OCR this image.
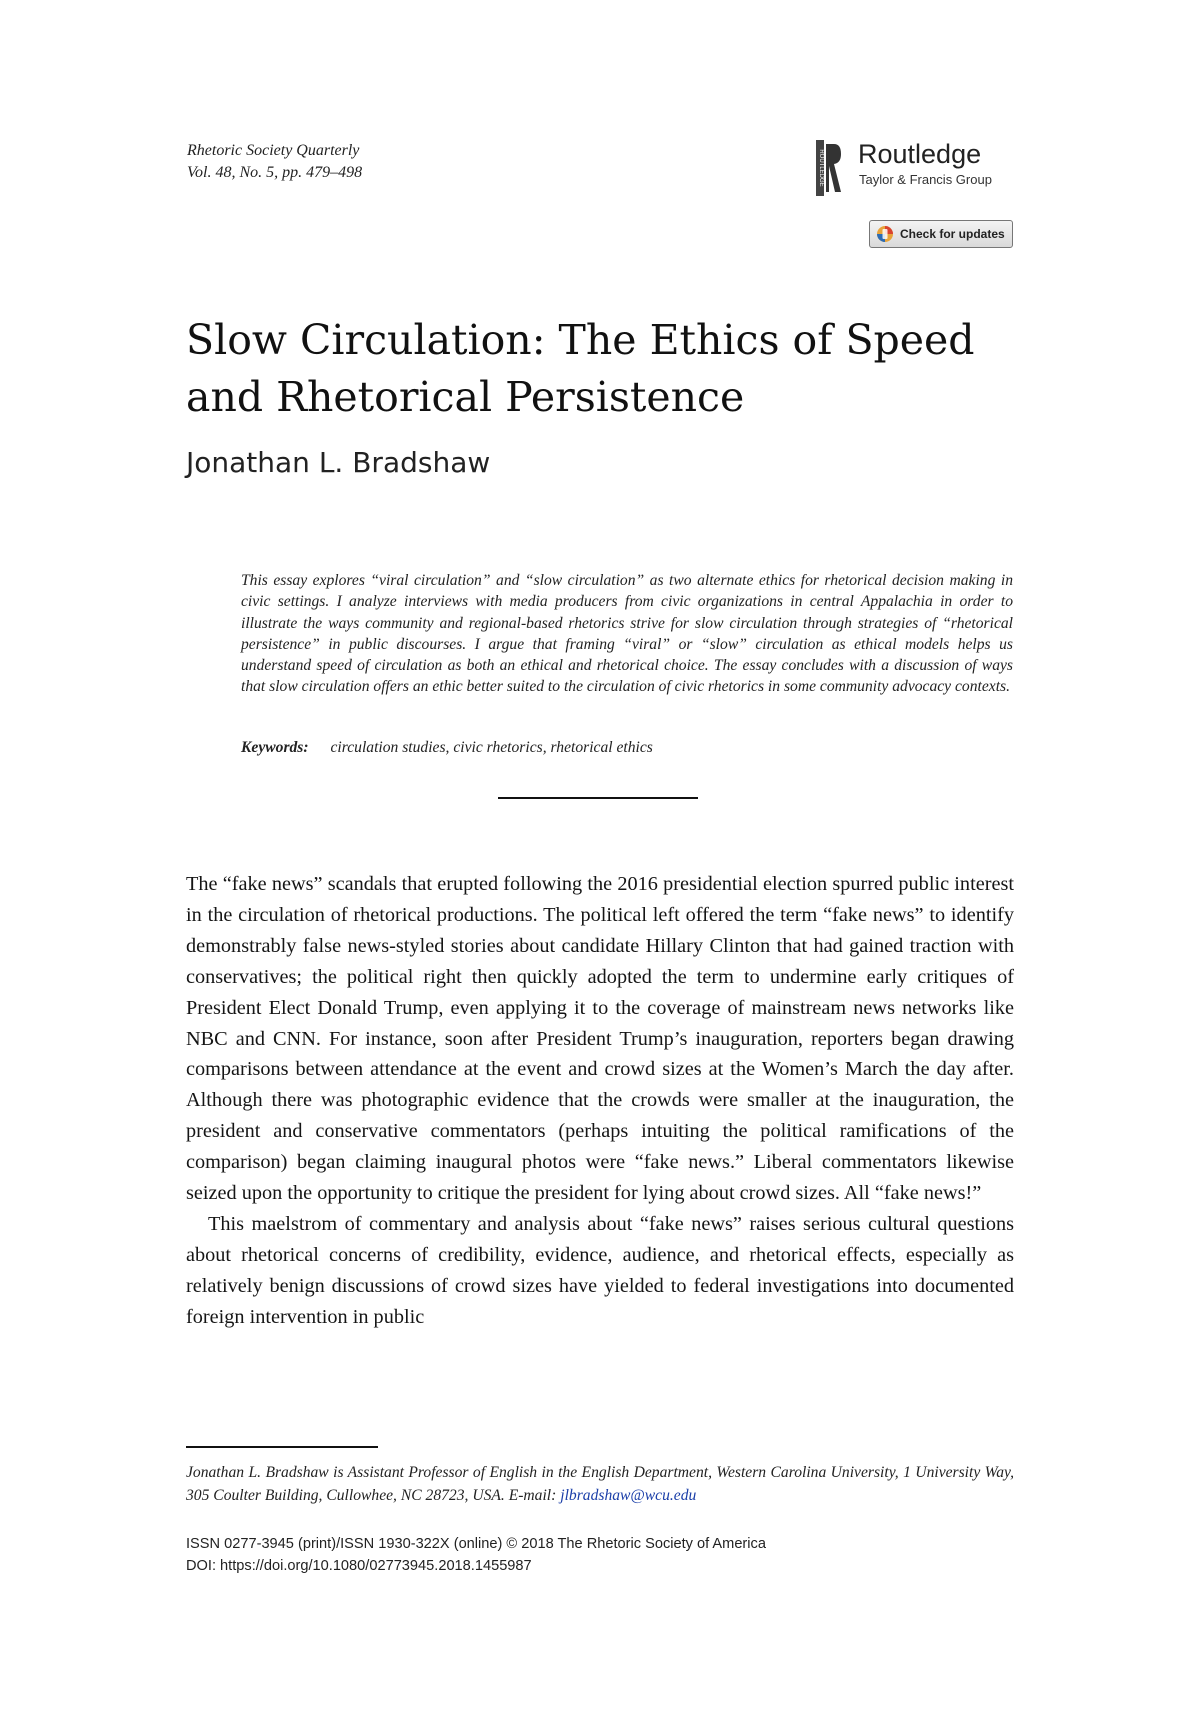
Rhetoric Society Quarterly
Vol. 48, No. 5, pp. 479–498	ROUTLEDGE Routledge
Taylor & Francis Group
Check for updates
Slow Circulation: The Ethics of Speed
and Rhetorical Persistence
Jonathan L. Bradshaw
This essay explores “viral circulation” and “slow circulation” as two alternate ethics for rhetorical decision making in civic settings. I analyze interviews with media producers from civic organizations in central Appalachia in order to illustrate the ways community and regional-based rhetorics strive for slow circulation through strategies of “rhetorical persistence” in public discourses. I argue that framing “viral” or “slow” circulation as ethical models helps us understand speed of circulation as both an ethical and rhetorical choice. The essay concludes with a discussion of ways that slow circulation offers an ethic better suited to the circulation of civic rhetorics in some community advocacy contexts.
Keywords: circulation studies, civic rhetorics, rhetorical ethics

The “fake news” scandals that erupted following the 2016 presidential election spurred public interest in the circulation of rhetorical productions. The political left offered the term “fake news” to identify demonstrably false news-styled stories about candidate Hillary Clinton that had gained traction with conservatives; the political right then quickly adopted the term to undermine early critiques of President Elect Donald Trump, even applying it to the coverage of mainstream news networks like NBC and CNN. For instance, soon after President Trump’s inauguration, reporters began drawing comparisons between attendance at the event and crowd sizes at the Women’s March the day after. Although there was photographic evidence that the crowds were smaller at the inauguration, the president and conservative commentators (perhaps intuiting the political ramifications of the comparison) began claiming inaugural photos were “fake news.” Liberal commentators likewise seized upon the opportunity to critique the president for lying about crowd sizes. All “fake news!”

This maelstrom of commentary and analysis about “fake news” raises serious cultural questions about rhetorical concerns of credibility, evidence, audience, and rhetorical effects, especially as relatively benign discussions of crowd sizes have yielded to federal investigations into documented foreign intervention in public

Jonathan L. Bradshaw is Assistant Professor of English in the English Department, Western Carolina University, 1 University Way, 305 Coulter Building, Cullowhee, NC 28723, USA. E-mail: jlbradshaw@wcu.edu
ISSN 0277-3945 (print)/ISSN 1930-322X (online) © 2018 The Rhetoric Society of America
DOI: https://doi.org/10.1080/02773945.2018.1455987
